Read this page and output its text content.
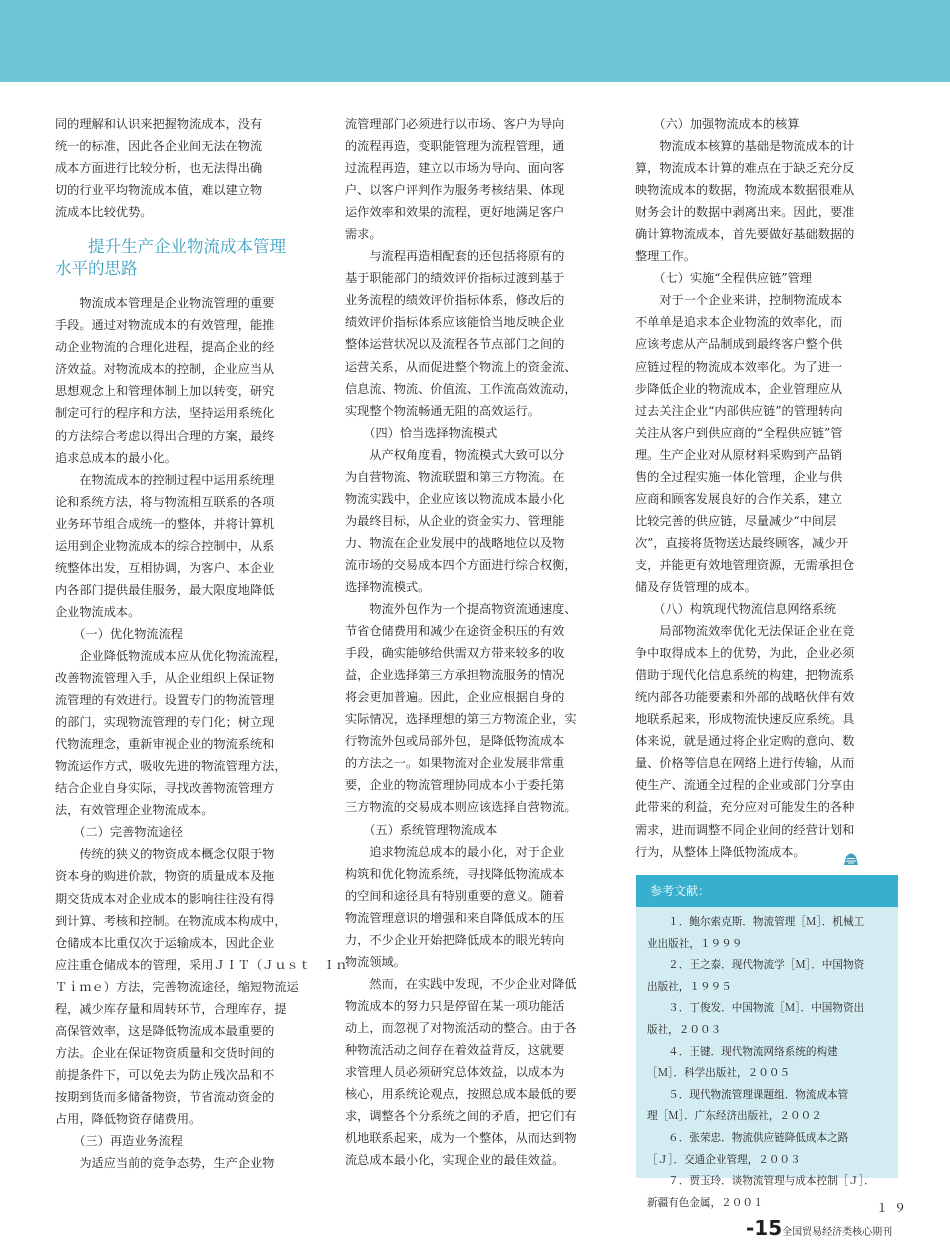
同的理解和认识来把握物流成本，没有

统一的标准，因此各企业间无法在物流

成本方面进行比较分析，也无法得出确

切的行业平均物流成本值，难以建立物

流成本比较优势。

　　提升生产企业物流成本管理
水平的思路

　　物流成本管理是企业物流管理的重要

手段。通过对物流成本的有效管理，能推

动企业物流的合理化进程，提高企业的经

济效益。对物流成本的控制，企业应当从

思想观念上和管理体制上加以转变，研究

制定可行的程序和方法，坚持运用系统化

的方法综合考虑以得出合理的方案，最终

追求总成本的最小化。

　　在物流成本的控制过程中运用系统理

论和系统方法，将与物流相互联系的各项

业务环节组合成统一的整体，并将计算机

运用到企业物流成本的综合控制中，从系

统整体出发，互相协调，为客户、本企业

内各部门提供最佳服务，最大限度地降低

企业物流成本。

　　（一）优化物流流程

　　企业降低物流成本应从优化物流流程，

改善物流管理入手，从企业组织上保证物

流管理的有效进行。设置专门的物流管理

的部门，实现物流管理的专门化；树立现

代物流理念，重新审视企业的物流系统和

物流运作方式，吸收先进的物流管理方法，

结合企业自身实际，寻找改善物流管理方

法，有效管理企业物流成本。

　　（二）完善物流途径

　　传统的狭义的物资成本概念仅限于物

资本身的购进价款，物资的质量成本及拖

期交货成本对企业成本的影响往往没有得

到计算、考核和控制。在物流成本构成中，

仓储成本比重仅次于运输成本，因此企业

应注重仓储成本的管理，采用ＪＩＴ（Ｊｕｓｔ　Ｉｎ

Ｔｉｍｅ）方法，完善物流途径，缩短物流运

程，减少库存量和周转环节，合理库存，提

高保管效率，这是降低物流成本最重要的

方法。企业在保证物资质量和交货时间的

前提条件下，可以免去为防止残次品和不

按期到货而多储备物资，节省流动资金的

占用，降低物资存储费用。

　　（三）再造业务流程

　　为适应当前的竞争态势，生产企业物

流管理部门必须进行以市场、客户为导向

的流程再造，变职能管理为流程管理，通

过流程再造，建立以市场为导向、面向客

户、以客户评判作为服务考核结果、体现

运作效率和效果的流程，更好地满足客户

需求。

　　与流程再造相配套的还包括将原有的

基于职能部门的绩效评价指标过渡到基于

业务流程的绩效评价指标体系，修改后的

绩效评价指标体系应该能恰当地反映企业

整体运营状况以及流程各节点部门之间的

运营关系，从而促进整个物流上的资金流、

信息流、物流、价值流、工作流高效流动，

实现整个物流畅通无阻的高效运行。

　　（四）恰当选择物流模式

　　从产权角度看，物流模式大致可以分

为自营物流、物流联盟和第三方物流。在

物流实践中，企业应该以物流成本最小化

为最终目标，从企业的资金实力、管理能

力、物流在企业发展中的战略地位以及物

流市场的交易成本四个方面进行综合权衡，

选择物流模式。

　　物流外包作为一个提高物资流通速度、

节省仓储费用和减少在途资金积压的有效

手段，确实能够给供需双方带来较多的收

益，企业选择第三方承担物流服务的情况

将会更加普遍。因此，企业应根据自身的

实际情况，选择理想的第三方物流企业，实

行物流外包或局部外包，是降低物流成本

的方法之一。如果物流对企业发展非常重

要，企业的物流管理协同成本小于委托第

三方物流的交易成本则应该选择自营物流。

　　（五）系统管理物流成本

　　追求物流总成本的最小化，对于企业

构筑和优化物流系统，寻找降低物流成本

的空间和途径具有特别重要的意义。随着

物流管理意识的增强和来自降低成本的压

力，不少企业开始把降低成本的眼光转向

物流领域。

　　然而，在实践中发现，不少企业对降低

物流成本的努力只是停留在某一项功能活

动上，而忽视了对物流活动的整合。由于各

种物流活动之间存在着效益背反，这就要

求管理人员必须研究总体效益，以成本为

核心，用系统论观点，按照总成本最低的要

求，调整各个分系统之间的矛盾，把它们有

机地联系起来，成为一个整体，从而达到物

流总成本最小化，实现企业的最佳效益。

　　（六）加强物流成本的核算

　　物流成本核算的基础是物流成本的计

算，物流成本计算的难点在于缺乏充分反

映物流成本的数据，物流成本数据很难从

财务会计的数据中剥离出来。因此，要准

确计算物流成本，首先要做好基础数据的

整理工作。

　　（七）实施“全程供应链”管理

　　对于一个企业来讲，控制物流成本

不单单是追求本企业物流的效率化，而

应该考虑从产品制成到最终客户整个供

应链过程的物流成本效率化。为了进一

步降低企业的物流成本，企业管理应从

过去关注企业“内部供应链”的管理转向

关注从客户到供应商的“全程供应链”管

理。生产企业对从原材料采购到产品销

售的全过程实施一体化管理，企业与供

应商和顾客发展良好的合作关系，建立

比较完善的供应链，尽量减少“中间层

次”，直接将货物送达最终顾客，减少开

支，并能更有效地管理资源，无需承担仓

储及存货管理的成本。

　　（八）构筑现代物流信息网络系统

　　局部物流效率优化无法保证企业在竞

争中取得成本上的优势，为此，企业必须

借助于现代化信息系统的构建，把物流系

统内部各功能要素和外部的战略伙伴有效

地联系起来，形成物流快速反应系统。具

体来说，就是通过将企业定购的意向、数

量、价格等信息在网络上进行传输，从而

使生产、流通全过程的企业或部门分享由

此带来的利益，充分应对可能发生的各种

需求，进而调整不同企业间的经营计划和

行为，从整体上降低物流成本。

参考文献：

　　１．鲍尔索克斯．物流管理［Ｍ］．机械工

业出版社，１９９９

　　２．王之泰．现代物流学［Ｍ］．中国物资

出版社，１９９５

　　３．丁俊发．中国物流［Ｍ］．中国物资出

版社，２００３

　　４．王键．现代物流网络系统的构建

［Ｍ］．科学出版社，２００５

　　５．现代物流管理课题组．物流成本管

理［Ｍ］．广东经济出版社，２００２

　　６．张荣忠．物流供应链降低成本之路

［Ｊ］．交通企业管理，２００３

　　７．贾玉玲．谈物流管理与成本控制［Ｊ］．

新疆有色金属，２００１	１９
-15全国贸易经济类核心期刊
